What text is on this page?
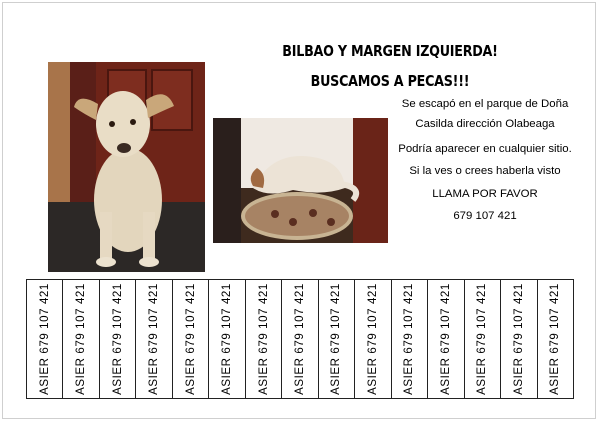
BILBAO Y MARGEN IZQUIERDA!
BUSCAMOS A PECAS!!!
Se escapó en el parque de Doña
Casilda dirección Olabeaga
Podría aparecer en cualquier sitio.
Si la ves o crees haberla visto
LLAMA POR FAVOR
679 107 421
ASIER 679 107 421 ASIER 679 107 421 ASIER 679 107 421 ASIER 679 107 421 ASIER 679 107 421 ASIER 679 107 421 ASIER 679 107 421 ASIER 679 107 421 ASIER 679 107 421 ASIER 679 107 421 ASIER 679 107 421 ASIER 679 107 421 ASIER 679 107 421 ASIER 679 107 421 ASIER 679 107 421
